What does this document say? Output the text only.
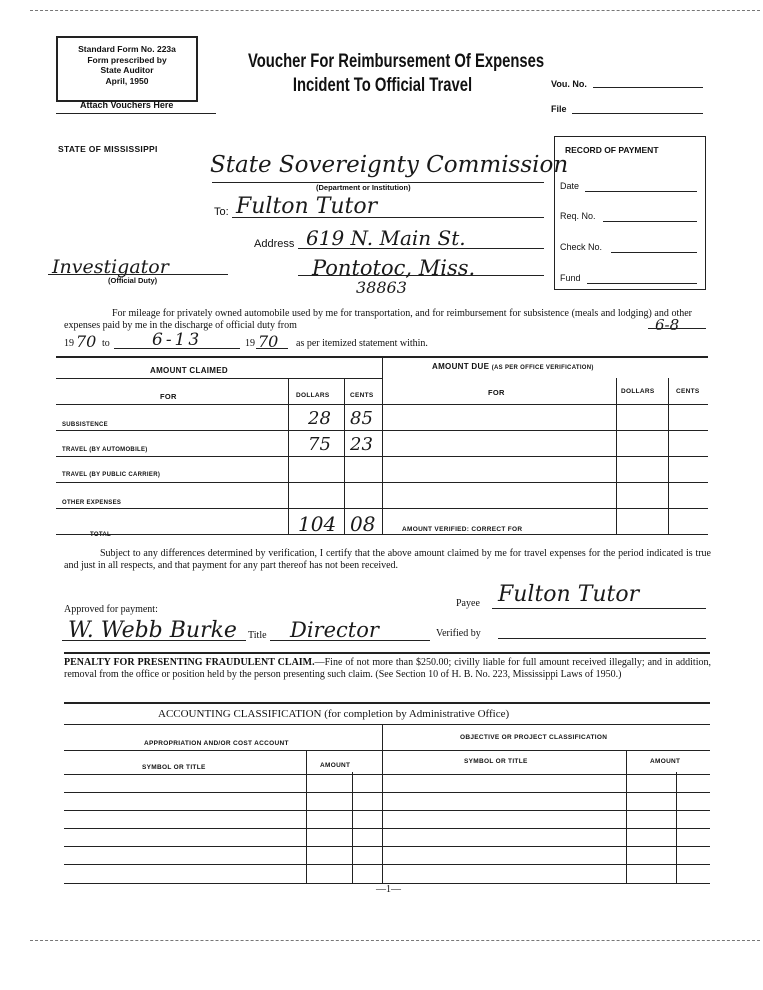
Standard Form No. 223a
Form prescribed by
State Auditor
April, 1950
Attach Vouchers Here
Voucher For Reimbursement Of Expenses
Incident To Official Travel	Vou. No.
File
STATE OF MISSISSIPPI	RECORD OF PAYMENT
Date
Req. No.
Check No.
Fund
State Sovereignty Commission
(Department or Institution)
To: Fulton Tutor
Address 619 N. Main St.
Pontotoc, Miss.
38863
Investigator
(Official Duty)
For mileage for privately owned automobile used by me for transportation, and for reimbursement for subsistence (meals and lodging) and other expenses paid by me in the discharge of official duty from	6-8
19 70 to 6-13	19 70 as per itemized statement within.
AMOUNT CLAIMED	AMOUNT DUE (AS PER OFFICE VERIFICATION)
FOR	DOLLARS	CENTS	FOR	DOLLARS	CENTS
SUBSISTENCE	28 85
TRAVEL (BY AUTOMOBILE)	75 23
TRAVEL (BY PUBLIC CARRIER)
OTHER EXPENSES
TOTAL	104 08	AMOUNT VERIFIED: CORRECT FOR
Subject to any differences determined by verification, I certify that the above amount claimed by me for travel expenses for the period indicated is true and just in all respects, and that payment for any part thereof has not been received.
Approved for payment:
W. Webb Burke Title Director
Payee Fulton Tutor
Verified by
PENALTY FOR PRESENTING FRAUDULENT CLAIM.—Fine of not more than $250.00; civilly liable for full amount received illegally; and in addition, removal from the office or position held by the person presenting such claim. (See Section 10 of H. B. No. 223, Mississippi Laws of 1950.)
ACCOUNTING CLASSIFICATION (for completion by Administrative Office)
APPROPRIATION AND/OR COST ACCOUNT
OBJECTIVE OR PROJECT CLASSIFICATION
SYMBOL OR TITLE	AMOUNT
SYMBOL OR TITLE	AMOUNT
—1—
